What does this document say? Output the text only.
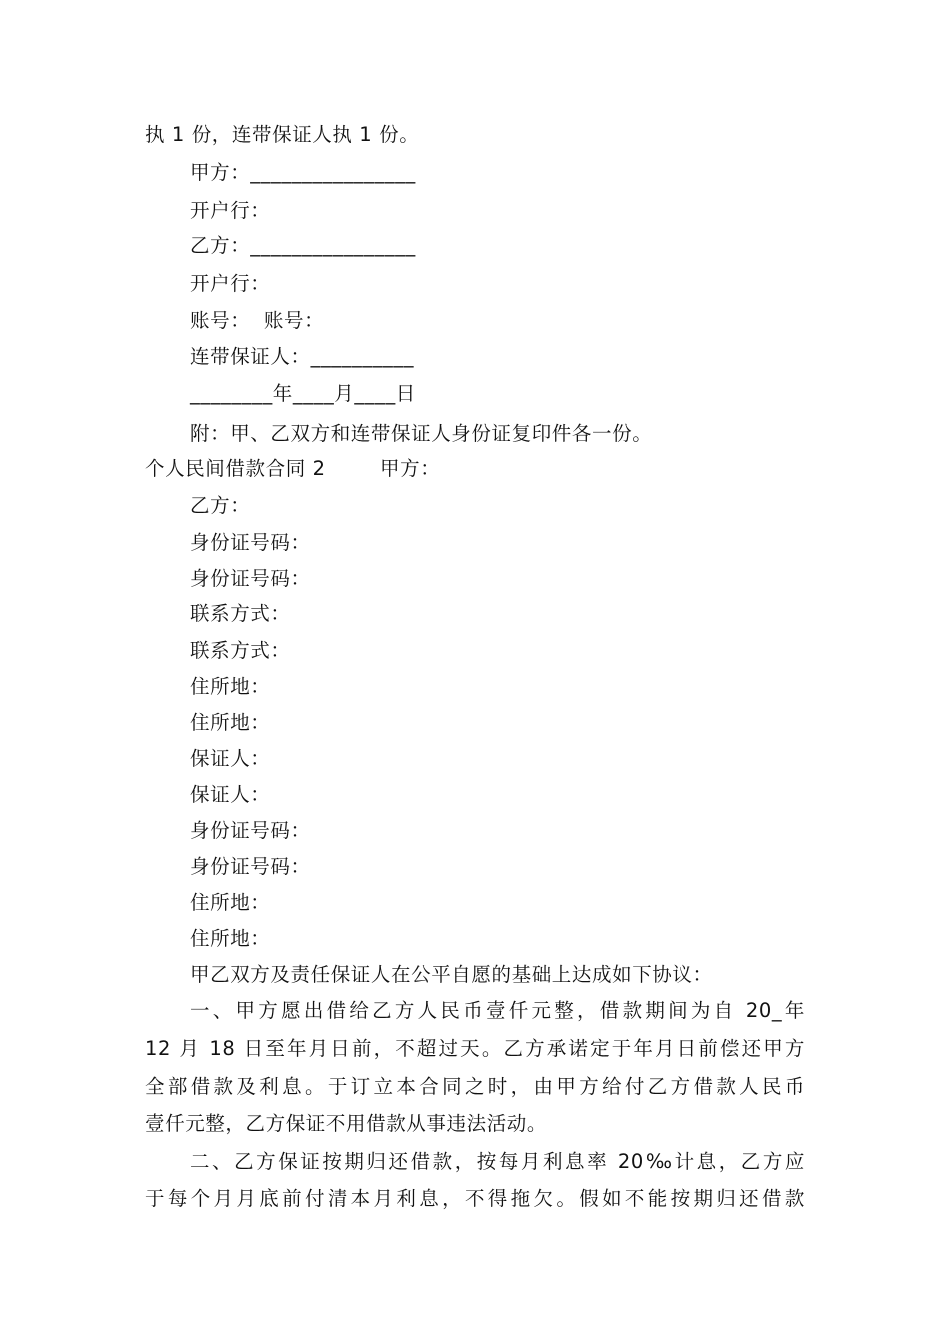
执 1 份，连带保证人执 1 份。
甲方：________________
开户行：
乙方：________________
开户行：
账号：  账号：
连带保证人：__________
________年____月____日
附：甲、乙双方和连带保证人身份证复印件各一份。
个人民间借款合同 2        甲方：
乙方：
身份证号码：
身份证号码：
联系方式：
联系方式：
住所地：
住所地：
保证人：
保证人：
身份证号码：
身份证号码：
住所地：
住所地：
甲乙双方及责任保证人在公平自愿的基础上达成如下协议：
一、甲方愿出借给乙方人民币壹仟元整，借款期间为自 20_年
12 月 18 日至年月日前，不超过天。乙方承诺定于年月日前偿还甲方
全部借款及利息。于订立本合同之时，由甲方给付乙方借款人民币
壹仟元整，乙方保证不用借款从事违法活动。
二、乙方保证按期归还借款，按每月利息率 20‰计息，乙方应
于每个月月底前付清本月利息，不得拖欠。假如不能按期归还借款
